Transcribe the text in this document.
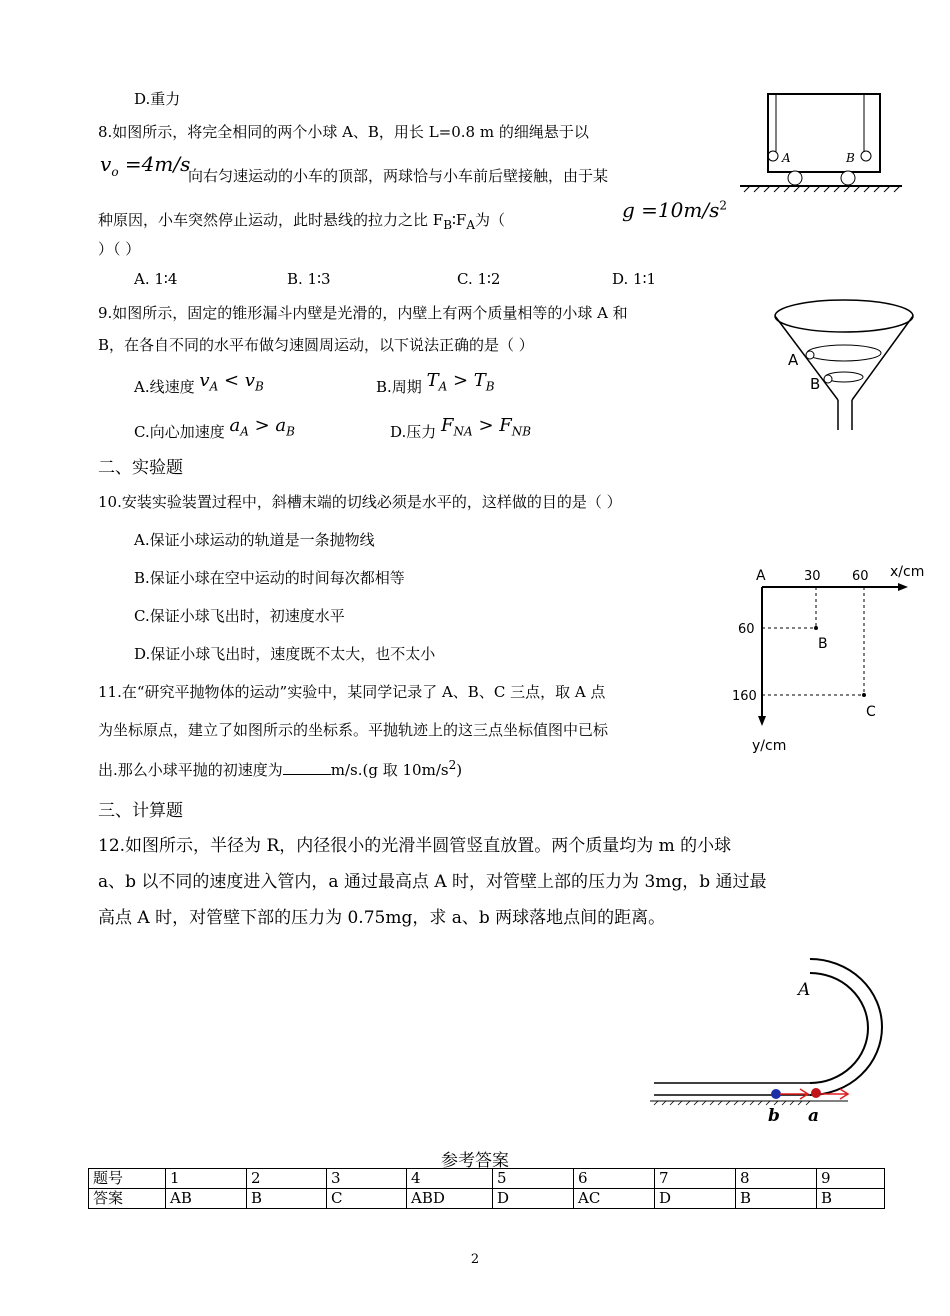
D.重力
8.如图所示，将完全相同的两个小球 A、B，用长 L=0.8 m 的细绳悬于以
$v_o =4m/s$
向右匀速运动的小车的顶部，两球恰与小车前后壁接触，由于某
种原因，小车突然停止运动，此时悬线的拉力之比 $F_B∶F_A$为（	$g =10m/s^2$
）（ ）
A. 1∶4	B. 1∶3	C. 1∶2	D. 1∶1
A	B
9.如图所示，固定的锥形漏斗内壁是光滑的，内壁上有两个质量相等的小球 A 和
B，在各自不同的水平布做匀速圆周运动，以下说法正确的是（ ）
A.线速度 $v_A < v_B$	B.周期 $T_A > T_B$
C.向心加速度 $a_A > a_B$	D.压力 $F_{NA} > F_{NB}$
A
B
二、实验题
10.安装实验装置过程中，斜槽末端的切线必须是水平的，这样做的目的是（ ）
A.保证小球运动的轨道是一条抛物线
B.保证小球在空中运动的时间每次都相等
C.保证小球飞出时，初速度水平
D.保证小球飞出时，速度既不太大，也不太小
11.在“研究平抛物体的运动”实验中，某同学记录了 A、B、C 三点，取 A 点
为坐标原点，建立了如图所示的坐标系。平抛轨迹上的这三点坐标值图中已标
出.那么小球平抛的初速度为	m/s.(g 取 $10m/s^2$)
A	30 60 x/cm
60
160
y/cm
B
C
三、计算题
12.如图所示，半径为 R，内径很小的光滑半圆管竖直放置。两个质量均为 m 的小球
a、b 以不同的速度进入管内，a 通过最高点 A 时，对管壁上部的压力为 3mg，b 通过最
高点 A 时，对管壁下部的压力为 0.75mg，求 a、b 两球落地点间的距离。
A
b a
参考答案
题号	1	2	3	4	5	6	7	8	9
答案	AB	B	C	ABD	D	AC	D	B	B
2
